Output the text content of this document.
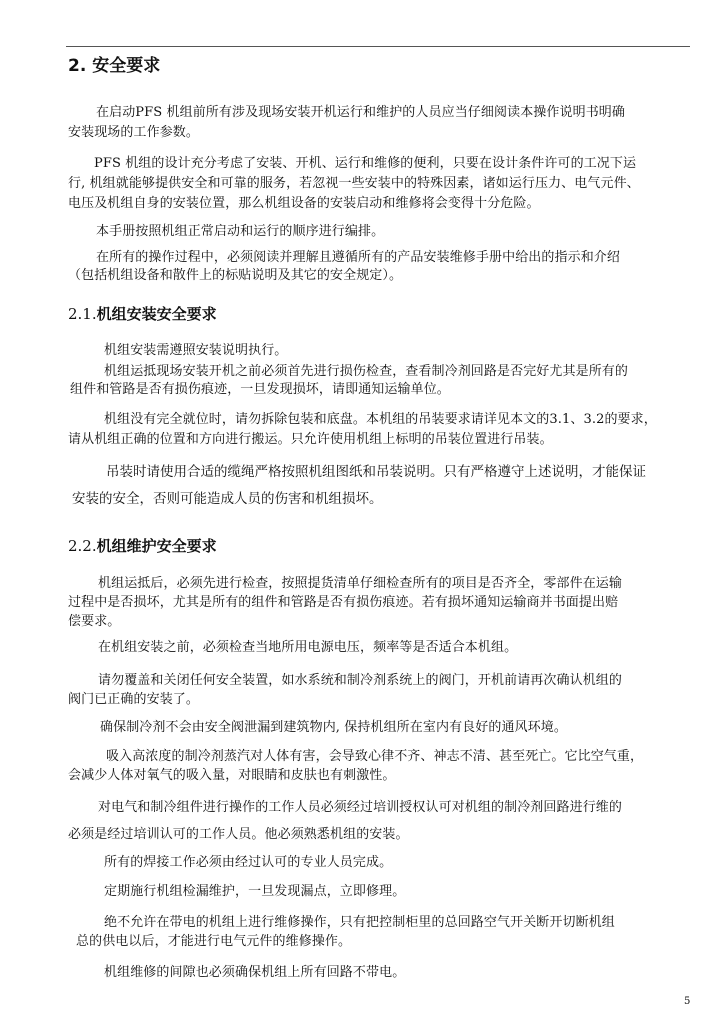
2. 安全要求
在启动PFS 机组前所有涉及现场安装开机运行和维护的人员应当仔细阅读本操作说明书明确
安装现场的工作参数。
PFS 机组的设计充分考虑了安装、开机、运行和维修的便利，只要在设计条件许可的工况下运
行, 机组就能够提供安全和可靠的服务，若忽视一些安装中的特殊因素，诸如运行压力、电气元件、
电压及机组自身的安装位置，那么机组设备的安装启动和维修将会变得十分危险。
本手册按照机组正常启动和运行的顺序进行编排。
在所有的操作过程中，必须阅读并理解且遵循所有的产品安装维修手册中给出的指示和介绍
（包括机组设备和散件上的标贴说明及其它的安全规定）。
2.1.机组安装安全要求
机组安装需遵照安装说明执行。
机组运抵现场安装开机之前必须首先进行损伤检查，查看制冷剂回路是否完好尤其是所有的
组件和管路是否有损伤痕迹，一旦发现损坏，请即通知运输单位。
机组没有完全就位时，请勿拆除包装和底盘。本机组的吊装要求请详见本文的3.1、3.2的要求，
请从机组正确的位置和方向进行搬运。只允许使用机组上标明的吊装位置进行吊装。
吊装时请使用合适的缆绳严格按照机组图纸和吊装说明。只有严格遵守上述说明，才能保证
安装的安全，否则可能造成人员的伤害和机组损坏。
2.2.机组维护安全要求
机组运抵后，必须先进行检查，按照提货清单仔细检查所有的项目是否齐全，零部件在运输
过程中是否损坏，尤其是所有的组件和管路是否有损伤痕迹。若有损坏通知运输商并书面提出赔
偿要求。
在机组安装之前，必须检查当地所用电源电压，频率等是否适合本机组。
请勿覆盖和关闭任何安全装置，如水系统和制冷剂系统上的阀门，开机前请再次确认机组的
阀门已正确的安装了。
确保制冷剂不会由安全阀泄漏到建筑物内, 保持机组所在室内有良好的通风环境。
吸入高浓度的制冷剂蒸汽对人体有害，会导致心律不齐、神志不清、甚至死亡。它比空气重，
会减少人体对氧气的吸入量，对眼睛和皮肤也有刺激性。
对电气和制冷组件进行操作的工作人员必须经过培训授权认可对机组的制冷剂回路进行维的
必须是经过培训认可的工作人员。他必须熟悉机组的安装。
所有的焊接工作必须由经过认可的专业人员完成。
定期施行机组检漏维护，一旦发现漏点，立即修理。
绝不允许在带电的机组上进行维修操作，只有把控制柜里的总回路空气开关断开切断机组
总的供电以后，才能进行电气元件的维修操作。
机组维修的间隙也必须确保机组上所有回路不带电。
5
